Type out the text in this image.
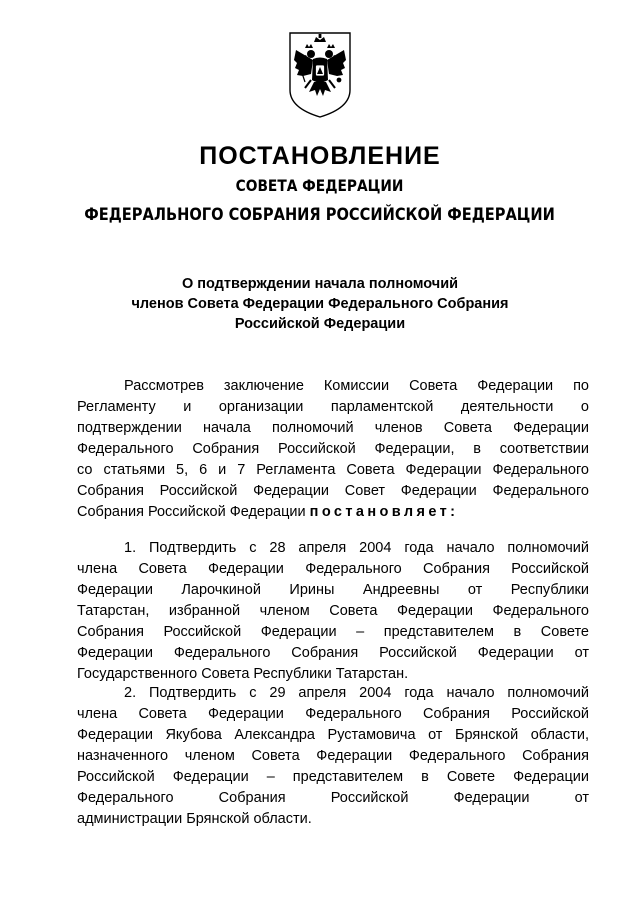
ПОСТАНОВЛЕНИЕ
СОВЕТА ФЕДЕРАЦИИ
ФЕДЕРАЛЬНОГО СОБРАНИЯ РОССИЙСКОЙ ФЕДЕРАЦИИ
О подтверждении начала полномочий
членов Совета Федерации Федерального Собрания
Российской Федерации
Рассмотрев заключение Комиссии Совета Федерации по
Регламенту и организации парламентской деятельности о
подтверждении начала полномочий членов Совета Федерации
Федерального Собрания Российской Федерации, в соответствии
со статьями 5, 6 и 7 Регламента Совета Федерации Федерального
Собрания Российской Федерации Совет Федерации Федерального
Собрания Российской Федерации постановляет:
1. Подтвердить с 28 апреля 2004 года начало полномочий
члена Совета Федерации Федерального Собрания Российской
Федерации Ларочкиной Ирины Андреевны от Республики
Татарстан, избранной членом Совета Федерации Федерального
Собрания Российской Федерации – представителем в Совете
Федерации Федерального Собрания Российской Федерации от
Государственного Совета Республики Татарстан.
2. Подтвердить с 29 апреля 2004 года начало полномочий
члена Совета Федерации Федерального Собрания Российской
Федерации Якубова Александра Рустамовича от Брянской области,
назначенного членом Совета Федерации Федерального Собрания
Российской Федерации – представителем в Совете Федерации
Федерального Собрания Российской Федерации от
администрации Брянской области.
